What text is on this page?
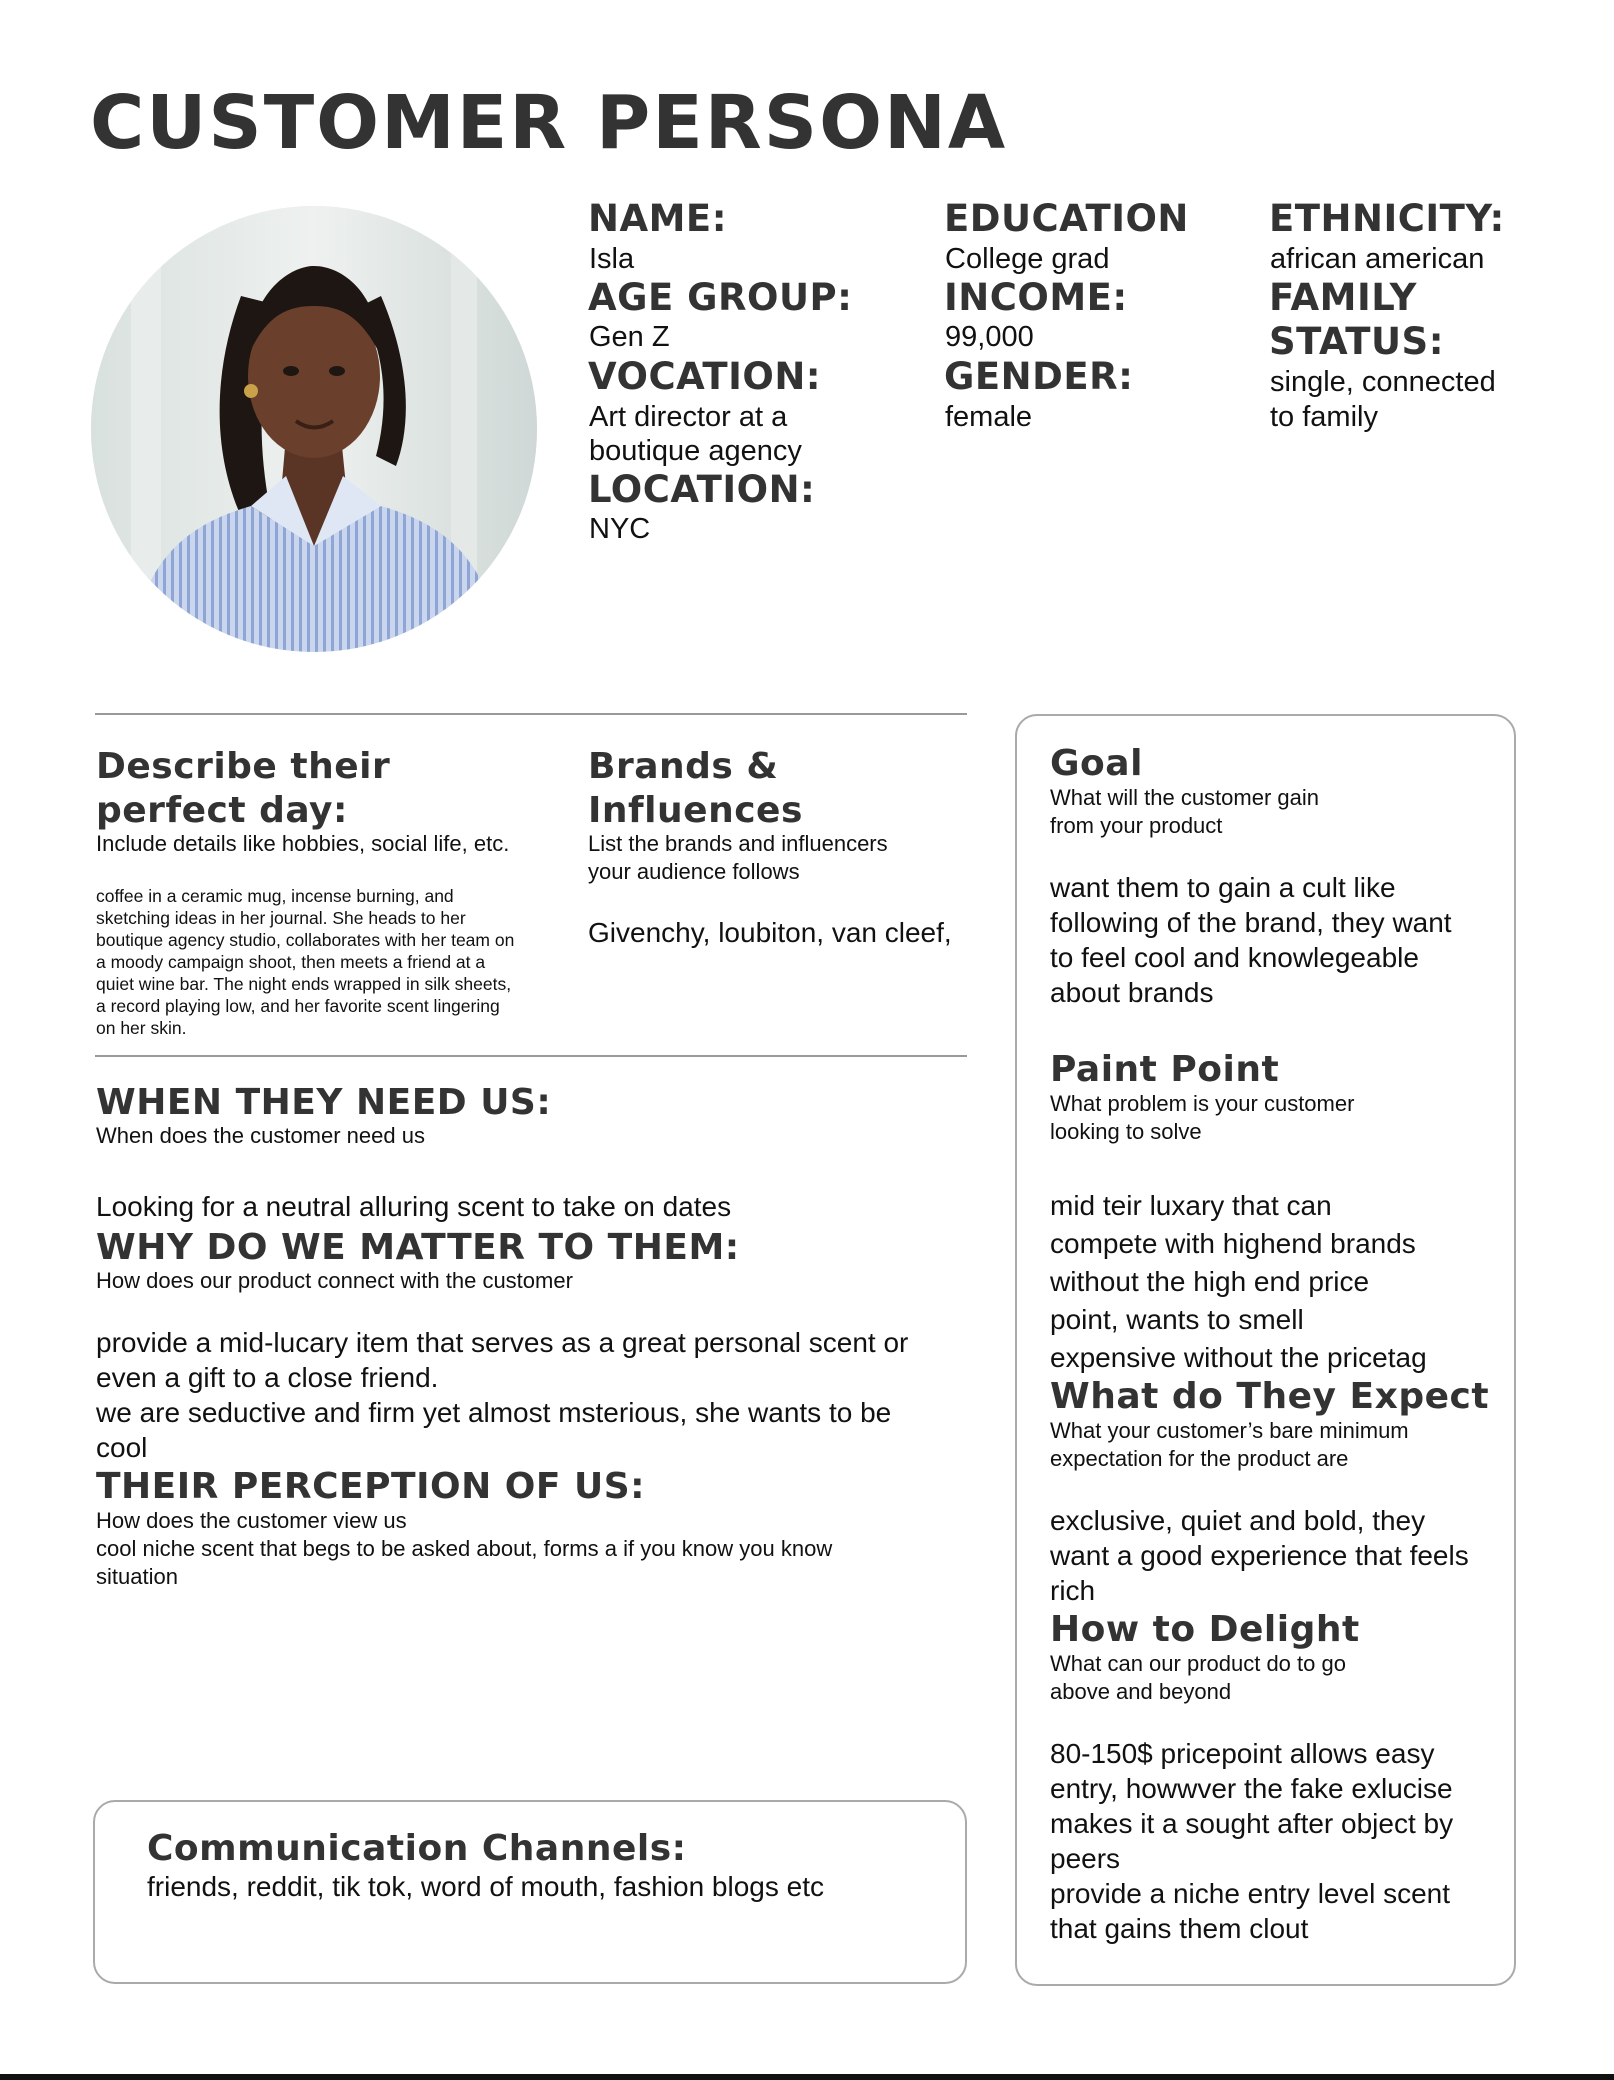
CUSTOMER PERSONA
NAME:
Isla
AGE GROUP:
Gen Z
VOCATION:
Art director at a
boutique agency
LOCATION:
NYC
EDUCATION
College grad
INCOME:
99,000
GENDER:
female
ETHNICITY:
african american
FAMILY
STATUS:
single, connected
to family
Describe their
perfect day:
Include details like hobbies, social life, etc.
coffee in a ceramic mug, incense burning, and
sketching ideas in her journal. She heads to her
boutique agency studio, collaborates with her team on
a moody campaign shoot, then meets a friend at a
quiet wine bar. The night ends wrapped in silk sheets,
a record playing low, and her favorite scent lingering
on her skin.
Brands &
Influences
List the brands and influencers
your audience follows
Givenchy, loubiton, van cleef,
WHEN THEY NEED US:
When does the customer need us
Looking for a neutral alluring scent to take on dates
WHY DO WE MATTER TO THEM:
How does our product connect with the customer
provide a mid-lucary item that serves as a great personal scent or
even a gift to a close friend.
we are seductive and firm yet almost msterious, she wants to be
cool
THEIR PERCEPTION OF US:
How does the customer view us
cool niche scent that begs to be asked about, forms a if you know you know
situation
Communication Channels:
friends, reddit, tik tok, word of mouth, fashion blogs etc
Goal
What will the customer gain
from your product
want them to gain a cult like
following of the brand, they want
to feel cool and knowlegeable
about brands
Paint Point
What problem is your customer
looking to solve
mid teir luxary that can
compete with highend brands
without the high end price
point, wants to smell
expensive without the pricetag
What do They Expect
What your customer’s bare minimum
expectation for the product are
exclusive, quiet and bold, they
want a good experience that feels
rich
How to Delight
What can our product do to go
above and beyond
80-150$ pricepoint allows easy
entry, howwver the fake exlucise
makes it a sought after object by
peers
provide a niche entry level scent
that gains them clout
